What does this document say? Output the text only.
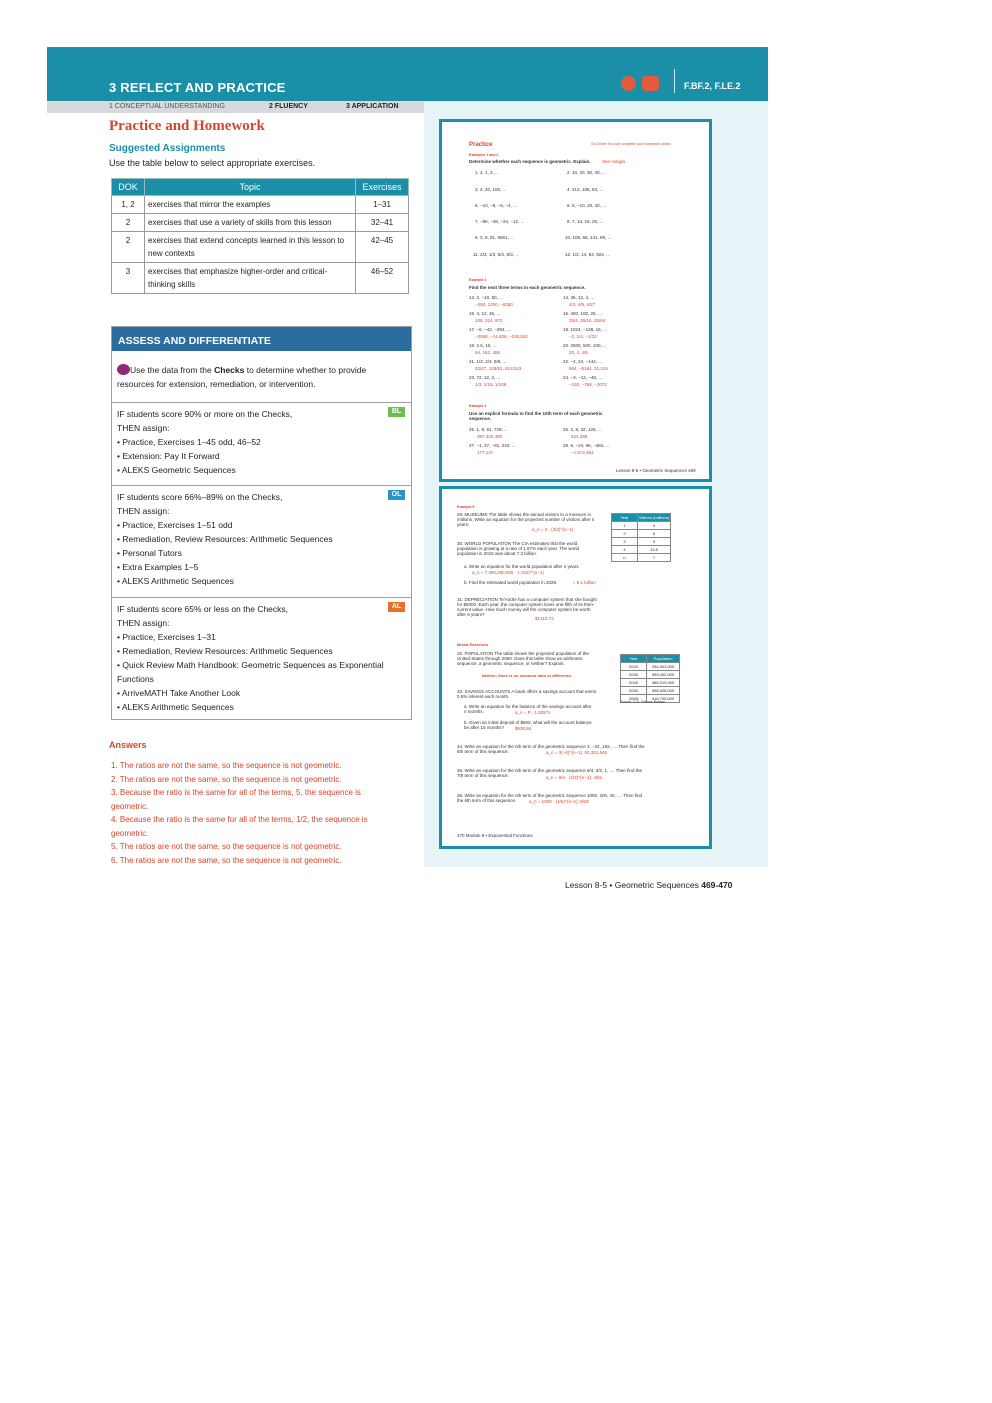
3 REFLECT AND PRACTICE	F.BF.2, F.LE.2
1 CONCEPTUAL UNDERSTANDING	2 FLUENCY	3 APPLICATION
Practice and Homework
Suggested Assignments
Use the table below to select appropriate exercises.
DOK	Topic	Exercises
1, 2	exercises that mirror the examples	1–31
2	exercises that use a variety of skills from this lesson	32–41
2	exercises that extend concepts learned in this lesson to new contexts	42–45
3	exercises that emphasize higher-order and critical-thinking skills	46–52
ASSESS AND DIFFERENTIATE
Use the data from the Checks to determine whether to provide resources for extension, remediation, or intervention.
BL
IF students score 90% or more on the Checks,
THEN assign:
• Practice, Exercises 1–45 odd, 46–52
• Extension: Pay It Forward
• ALEKS Geometric Sequences
OL
IF students score 66%–89% on the Checks,
THEN assign:
• Practice, Exercises 1–51 odd
• Remediation, Review Resources: Arithmetic Sequences
• Personal Tutors
• Extra Examples 1–5
• ALEKS Arithmetic Sequences
AL
IF students score 65% or less on the Checks,
THEN assign:
• Practice, Exercises 1–31
• Remediation, Review Resources: Arithmetic Sequences
• Quick Review Math Handbook: Geometric Sequences as Exponential
Functions
• ArriveMATH Take Another Look
• ALEKS Arithmetic Sequences
Answers
1. The ratios are not the same, so the sequence is not geometric.
2. The ratios are not the same, so the sequence is not geometric.
3. Because the ratio is the same for all of the terms, 5, the sequence is
geometric.
4. Because the ratio is the same for all of the terms, 1/2, the sequence is
geometric.
5. The ratios are not the same, so the sequence is not geometric.
6. The ratios are not the same, so the sequence is not geometric.
Practice	Go Online You can complete your homework online.
Examples 1 and 2
Determine whether each sequence is geometric. Explain.	See margin.
1. 4, 1, 2, ...	2. 10, 20, 30, 40, ...
3. 4, 20, 100, ...	4. 212, 106, 53, ...
5. −10, −8, −6, −4, ...	6. 5, −10, 20, 40, ...
7. −96, −48, −24, −12, ...	8. 7, 13, 19, 25, ...
9. 3, 9, 81, 6561, ...	10. 108, 66, 141, 99, ...
11. 2/3, 1/3, 5/3, 6/3, ...	12. 1/2, 14, 84, 504, ...
Example 3
Find the next three terms in each geometric sequence.
13. 2, −10, 50, ...	14. 36, 12, 4, ...
−250, 1250, −6250	4/3, 4/9, 4/27
15. 4, 12, 36, ...	16. 400, 100, 25, ...
108, 324, 972	25/4, 25/16, 25/64
17. −6, −42, −294, ...	18. 1024, −128, 16, ...
−2058, −14,406, −100,842	−2, 1/4, −1/32
19. 2.5, 10, ...	20. 2500, 500, 100, ...
54, 162, 486	20, 4, 4/5
21. 1/2, 2/3, 8/9, ...	22. −4, 24, −144, ...
32/27, 128/81, 512/243	864, −5184, 31,104
23. 72, 12, 2, ...	24. −3, −12, −48, ...
1/3, 1/18, 1/108	−192, −768, −3072
Example 4
Use an explicit formula to find the 10th term of each geometric sequence.
25. 1, 9, 81, 729, ...	26. 2, 8, 32, 128, ...
387,420,489	524,288
27. −1, 27, −81, 243, ...	28. 6, −24, 96, −384, ...
177,147	−1,572,864
Lesson 8-5 • Geometric Sequences 469
Example 5
29. MUSEUMS The table shows the annual visitors to a museum in millions. Write an equation for the projected number of visitors after n years.
a_n = 4 · (3/2)^(n−1)
Year	Visitors (millions)
1	4
2	6
3	9
4	13.5
n	?
30. WORLD POPULATION The CIA estimates that the world population is growing at a rate of 1.67% each year. The world population in 2015 was about 7.3 billion.
a. Write an equation for the world population after n years.
a_n = 7,300,000,000 · 1.0167^(n−1)
b. Find the estimated world population in 2025.	≈ 8.1 billion
31. DEPRECIATION Te'Andre has a computer system that she bought for $5000. Each year, the computer system loses one-fifth of its then-current value. How much money will the computer system be worth after 6 years?
$1310.72
Mixed Exercises
32. POPULATION The table shows the projected population of the United States through 2060. Does this table show an arithmetic sequence, a geometric sequence, or neither? Explain.
Neither; there is no common ratio or difference.
Year	Population
2020	334,503,000
2030	359,402,000
2040	380,219,000
2050	398,328,000
2060	416,795,000
Source: U.S. Census Bureau
33. SAVINGS ACCOUNTS A bank offers a savings account that earns 0.5% interest each month.
a. Write an equation for the balance of the savings account after n months.	a_n = P · 1.005^n
b. Given an initial deposit of $500, what will the account balance be after 15 months?	$538.84
34. Write an equation for the nth term of the geometric sequence 3, −24, 192, .... Then find the 6th term of this sequence.	a_n = 3(−8)^(n−1); 50,331,648
35. Write an equation for the nth term of the geometric sequence 9/4, 3/2, 1, .... Then find the 7th term of this sequence.	a_n = 9/4 · (2/3)^(n−1); 4/81
36. Write an equation for the nth term of the geometric sequence 1000, 200, 40, .... Then find the 6th term of this sequence.	a_n = 1000 · (1/5)^(n−1); 8/25
470 Module 8 • Exponential Functions
Lesson 8-5 • Geometric Sequences 469-470
